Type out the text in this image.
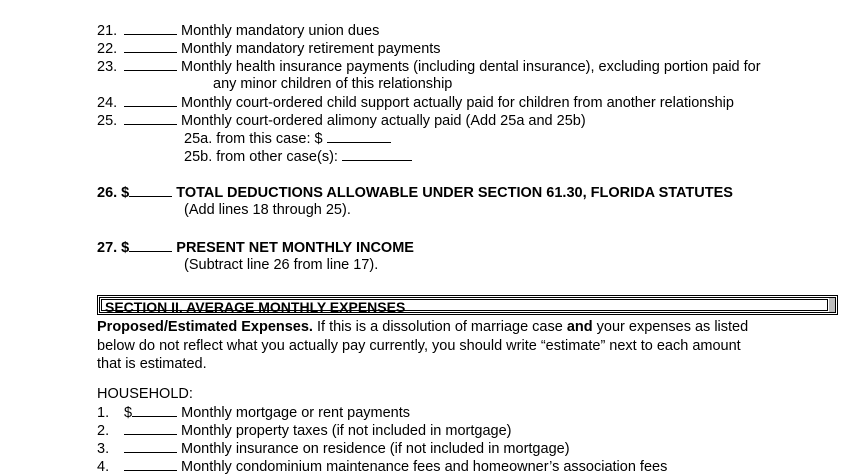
21.	Monthly mandatory union dues
22.	Monthly mandatory retirement payments
23.	Monthly health insurance payments (including dental insurance), excluding portion paid for
any minor children of this relationship
24.	Monthly court-ordered child support actually paid for children from another relationship
25.	Monthly court-ordered alimony actually paid (Add 25a and 25b)
25a. from this case: $
25b. from other case(s):
26. $	TOTAL DEDUCTIONS ALLOWABLE UNDER SECTION 61.30, FLORIDA STATUTES
(Add lines 18 through 25).
27. $	PRESENT NET MONTHLY INCOME
(Subtract line 26 from line 17).
SECTION II. AVERAGE MONTHLY EXPENSES
Proposed/Estimated Expenses. If this is a dissolution of marriage case and your expenses as listed
below do not reflect what you actually pay currently, you should write “estimate” next to each amount
that is estimated.
HOUSEHOLD:
1. $	Monthly mortgage or rent payments
2.	Monthly property taxes (if not included in mortgage)
3.	Monthly insurance on residence (if not included in mortgage)
4.	Monthly condominium maintenance fees and homeowner’s association fees
